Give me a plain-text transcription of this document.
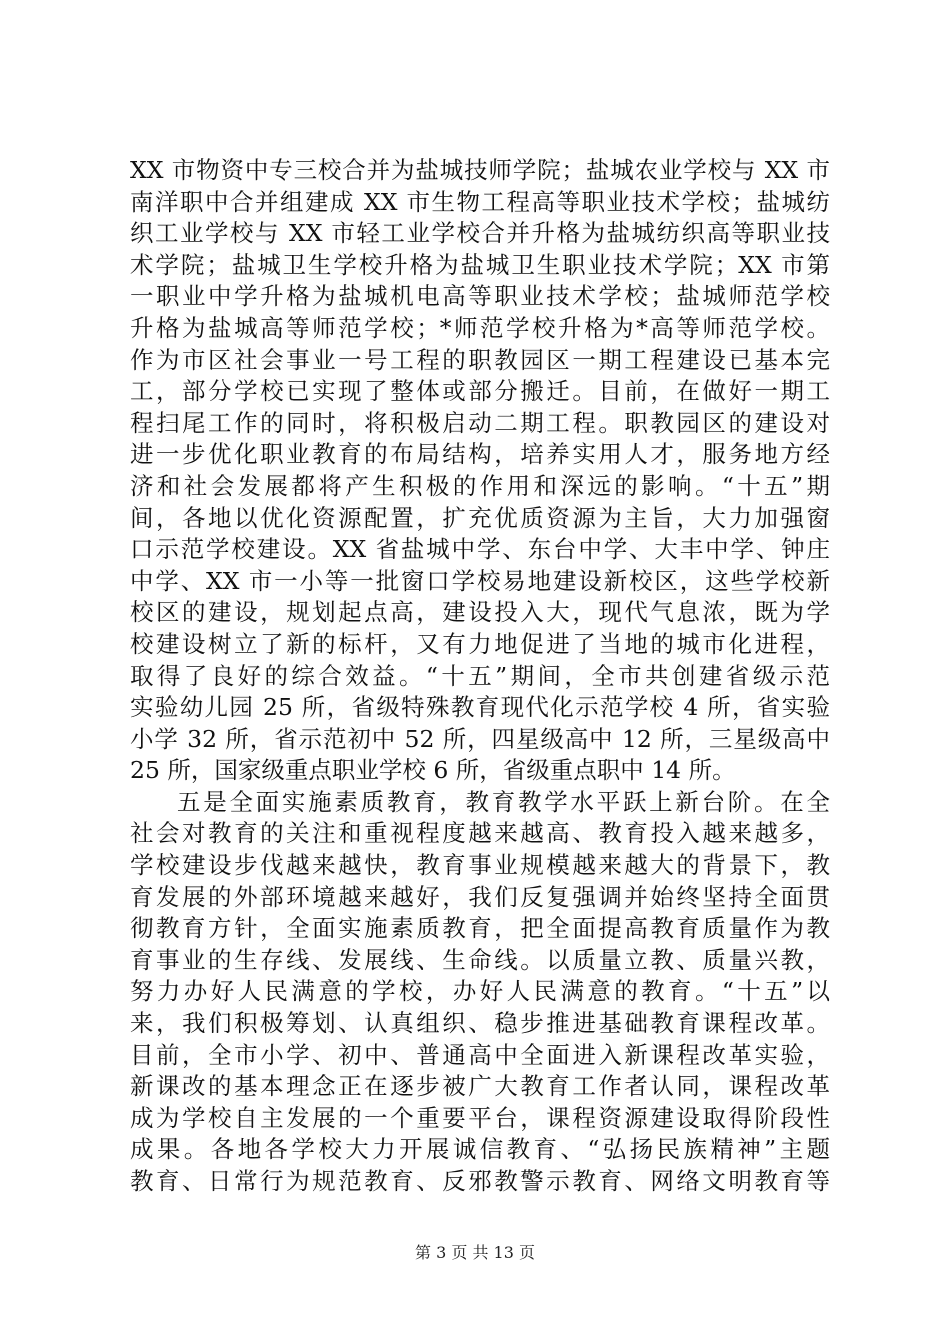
XX 市物资中专三校合并为盐城技师学院；盐城农业学校与 XX 市
南洋职中合并组建成 XX 市生物工程高等职业技术学校；盐城纺
织工业学校与 XX 市轻工业学校合并升格为盐城纺织高等职业技
术学院；盐城卫生学校升格为盐城卫生职业技术学院；XX 市第
一职业中学升格为盐城机电高等职业技术学校；盐城师范学校
升格为盐城高等师范学校；*师范学校升格为*高等师范学校。
作为市区社会事业一号工程的职教园区一期工程建设已基本完
工，部分学校已实现了整体或部分搬迁。目前，在做好一期工
程扫尾工作的同时，将积极启动二期工程。职教园区的建设对
进一步优化职业教育的布局结构，培养实用人才，服务地方经
济和社会发展都将产生积极的作用和深远的影响。“十五”期
间，各地以优化资源配置，扩充优质资源为主旨，大力加强窗
口示范学校建设。XX 省盐城中学、东台中学、大丰中学、钟庄
中学、XX 市一小等一批窗口学校易地建设新校区，这些学校新
校区的建设，规划起点高，建设投入大，现代气息浓，既为学
校建设树立了新的标杆，又有力地促进了当地的城市化进程，
取得了良好的综合效益。“十五”期间，全市共创建省级示范
实验幼儿园 25 所，省级特殊教育现代化示范学校 4 所，省实验
小学 32 所，省示范初中 52 所，四星级高中 12 所，三星级高中
25 所，国家级重点职业学校 6 所，省级重点职中 14 所。
五是全面实施素质教育，教育教学水平跃上新台阶。在全
社会对教育的关注和重视程度越来越高、教育投入越来越多，
学校建设步伐越来越快，教育事业规模越来越大的背景下，教
育发展的外部环境越来越好，我们反复强调并始终坚持全面贯
彻教育方针，全面实施素质教育，把全面提高教育质量作为教
育事业的生存线、发展线、生命线。以质量立教、质量兴教，
努力办好人民满意的学校，办好人民满意的教育。“十五”以
来，我们积极筹划、认真组织、稳步推进基础教育课程改革。
目前，全市小学、初中、普通高中全面进入新课程改革实验，
新课改的基本理念正在逐步被广大教育工作者认同，课程改革
成为学校自主发展的一个重要平台，课程资源建设取得阶段性
成果。各地各学校大力开展诚信教育、“弘扬民族精神”主题
教育、日常行为规范教育、反邪教警示教育、网络文明教育等
第 3 页 共 13 页
